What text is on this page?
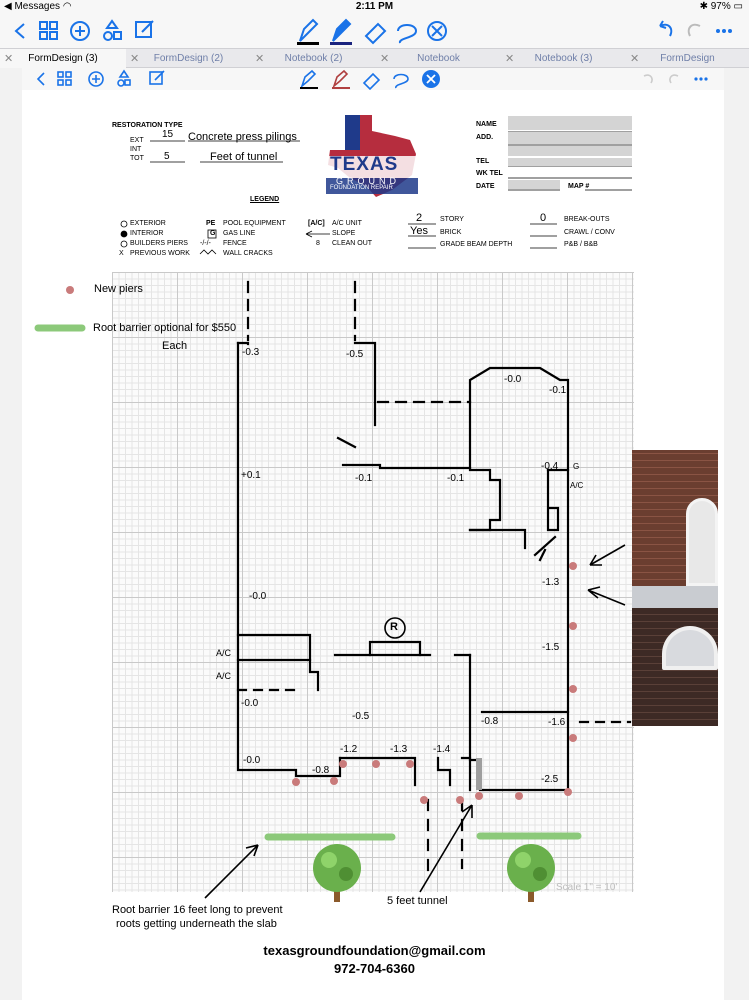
◀ Messages ◠	2:11 PM	✱ 97% ▭
✕	FormDesign (3)	✕	FormDesign (2)	✕	Notebook (2)	✕	Notebook	✕	Notebook (3)	✕	FormDesign
RESTORATION TYPE
EXT
15 Concrete press pilings
INT
TOT 5	Feet of tunnel	TEXAS
GROUND
FOUNDATION REPAIR
NAME
ADD.
TEL
WK TEL
DATE	MAP #
LEGEND
EXTERIOR
INTERIOR
BUILDERS PIERS
X PREVIOUS WORK
PE POOL EQUIPMENT
G GAS LINE
-/-/- FENCE
WALL CRACKS
[A/C] A/C UNIT
SLOPE
8 CLEAN OUT
2	STORY
Yes BRICK
GRADE BEAM DEPTH
0	BREAK-OUTS
CRAWL / CONV
P&B / B&B
New piers
Root barrier optional for $550
Each
Root barrier 16 feet long to prevent
roots getting underneath the slab
5 feet tunnel
Scale 1" = 10'
texasgroundfoundation@gmail.com
972-704-6360
-0.3	-0.5
-0.0
-0.1
+0.1	-0.1	-0.1
-0.4 G
A/C
-1.3
-0.0
-1.5
A/C
A/C
-0.0
-0.5	-0.8	-1.6
-0.0
-0.8
-1.2	-1.3	-1.4
-2.5
R
